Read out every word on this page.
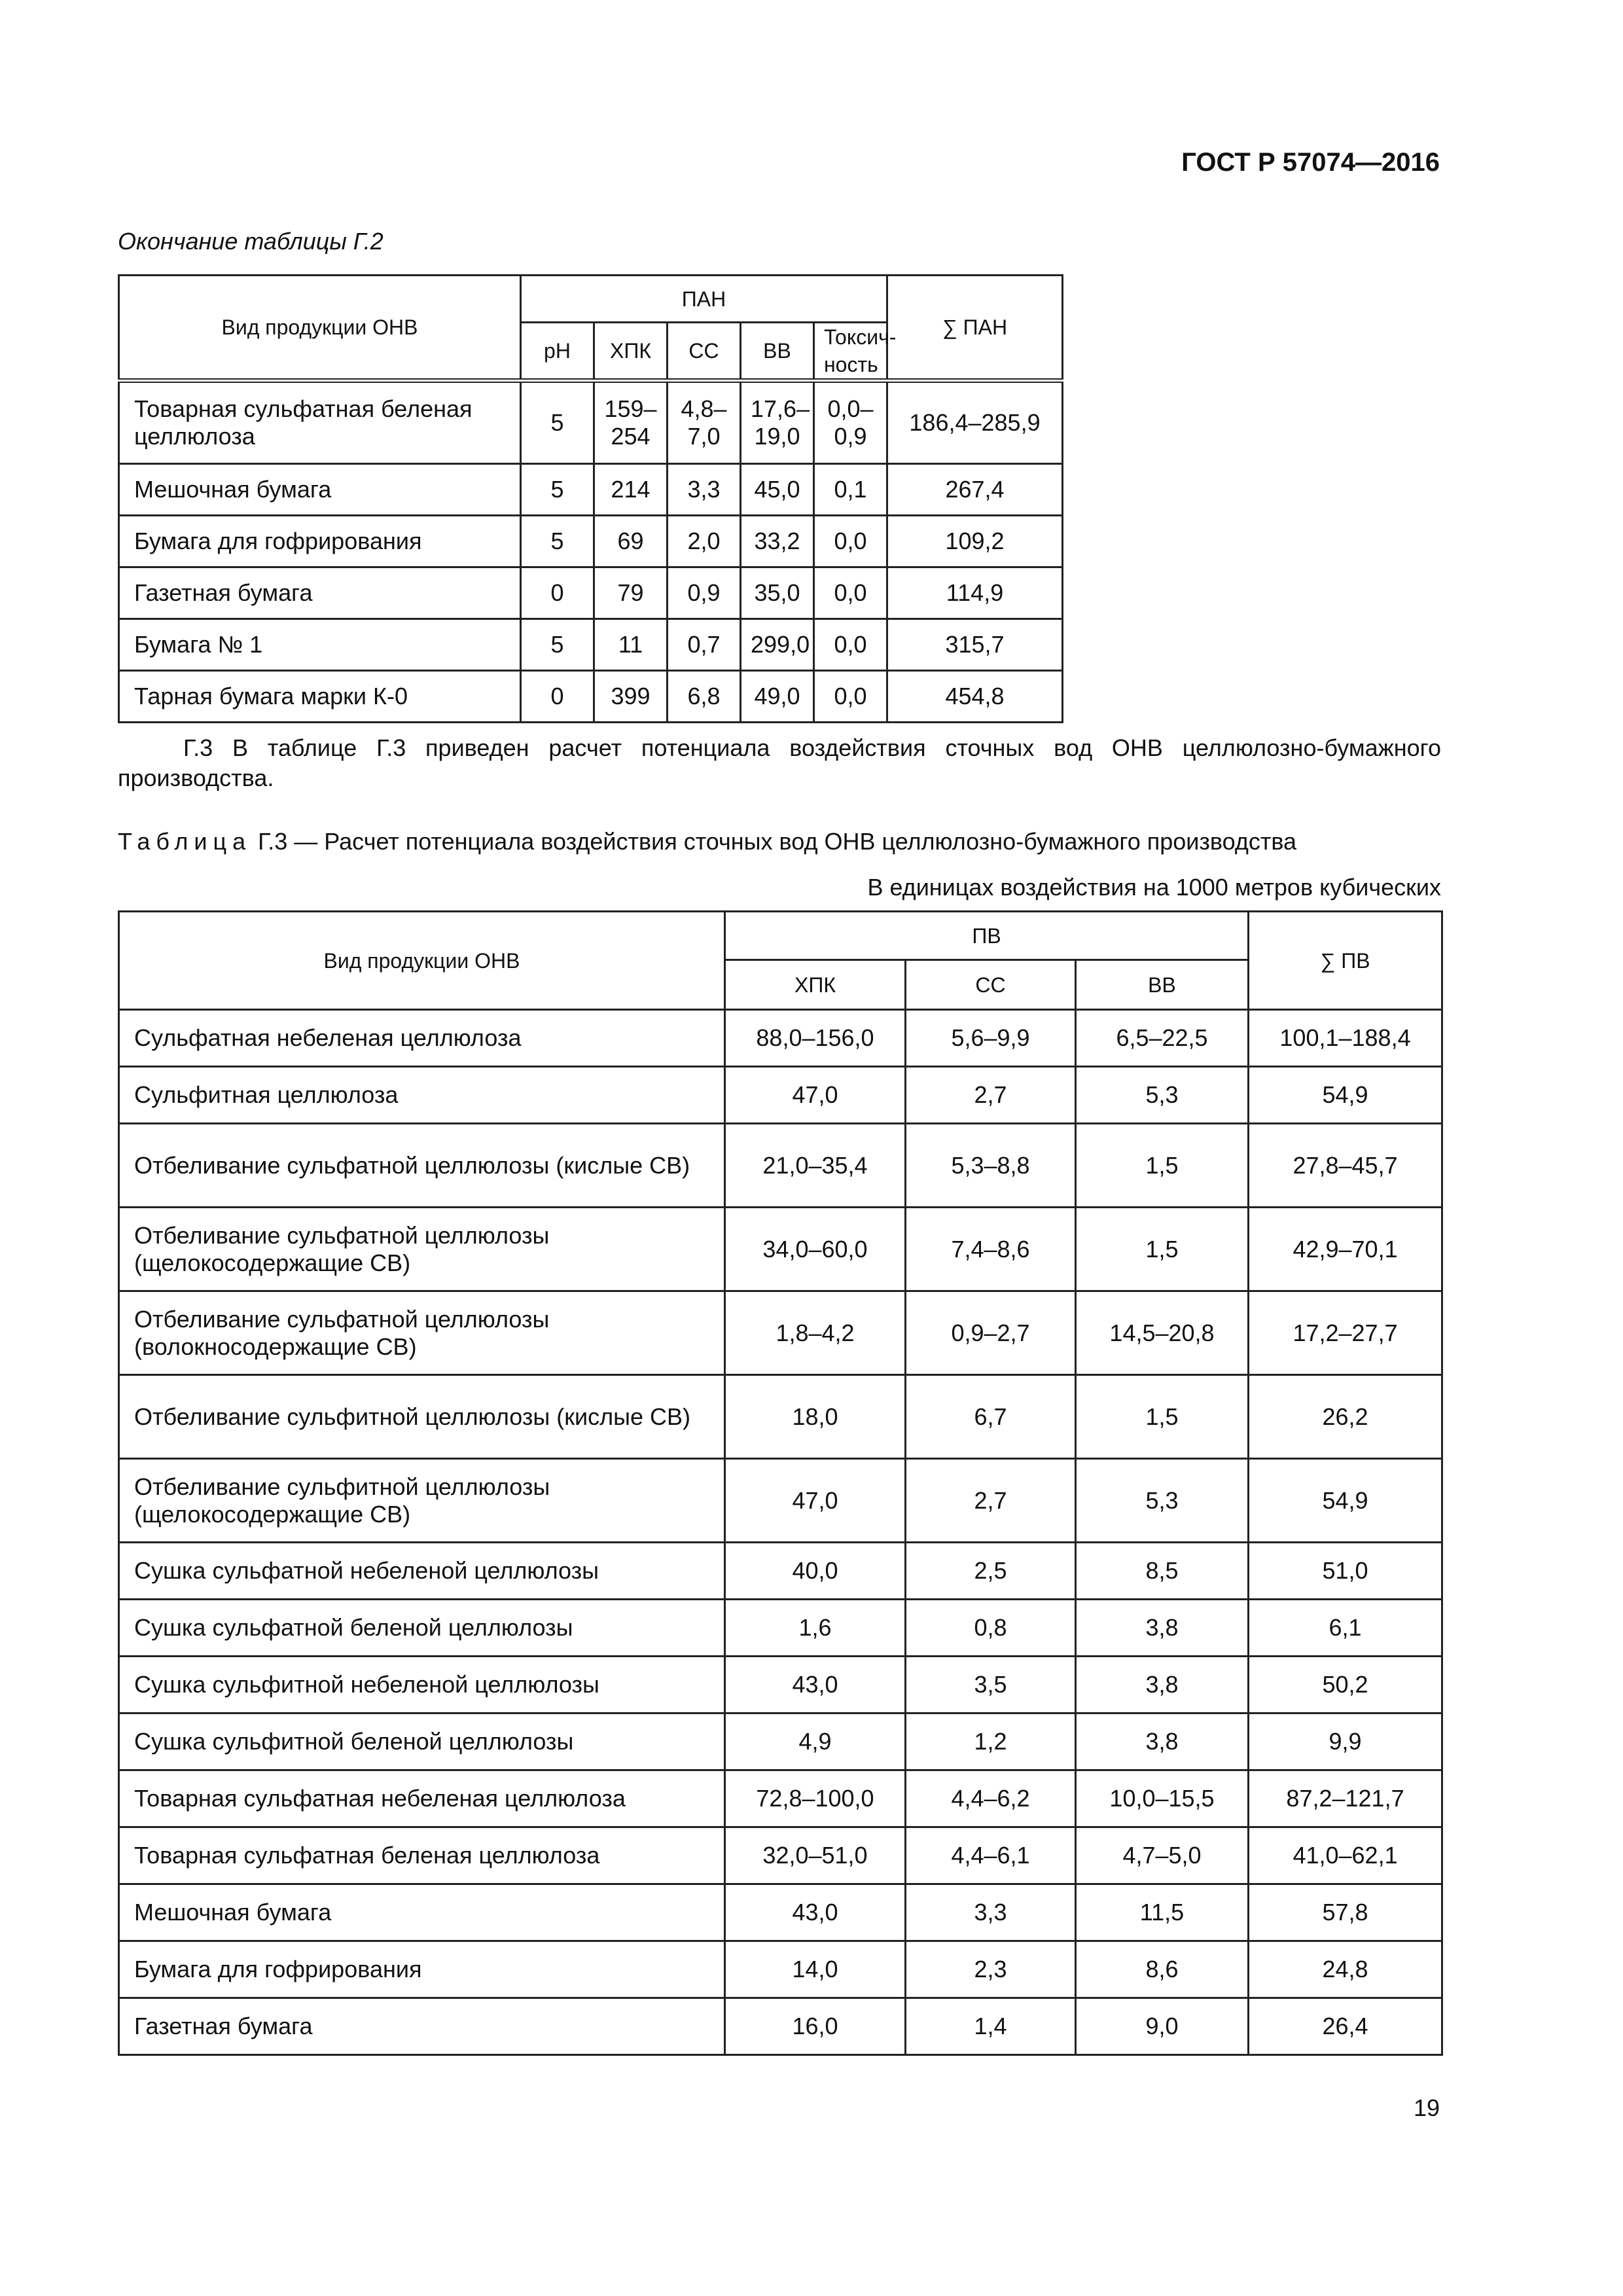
ГОСТ Р 57074—2016
Окончание таблицы Г.2
Вид продукции ОНВ	ПАН					∑ ПАН
	pH	ХПК	СС	ВВ	Токсич-ность	
Товарная сульфатная беленая целлюлоза	5	159–254	4,8–7,0	17,6–19,0	0,0–0,9	186,4–285,9
Мешочная бумага	5	214	3,3	45,0	0,1	267,4
Бумага для гофрирования	5	69	2,0	33,2	0,0	109,2
Газетная бумага	0	79	0,9	35,0	0,0	114,9
Бумага № 1	5	11	0,7	299,0	0,0	315,7
Тарная бумага марки К-0	0	399	6,8	49,0	0,0	454,8
Г.3 В таблице Г.3 приведен расчет потенциала воздействия сточных вод ОНВ целлюлозно-бумажного производства.
Таблица Г.3 — Расчет потенциала воздействия сточных вод ОНВ целлюлозно-бумажного производства
В единицах воздействия на 1000 метров кубических
Вид продукции ОНВ	ПВ			∑ ПВ
	ХПК	СС	ВВ	
Сульфатная небеленая целлюлоза	88,0–156,0	5,6–9,9	6,5–22,5	100,1–188,4
Сульфитная целлюлоза	47,0	2,7	5,3	54,9
Отбеливание сульфатной целлюлозы (кислые СВ)	21,0–35,4	5,3–8,8	1,5	27,8–45,7
Отбеливание сульфатной целлюлозы (щелокосодержащие СВ)	34,0–60,0	7,4–8,6	1,5	42,9–70,1
Отбеливание сульфатной целлюлозы (волокносодержащие СВ)	1,8–4,2	0,9–2,7	14,5–20,8	17,2–27,7
Отбеливание сульфитной целлюлозы (кислые СВ)	18,0	6,7	1,5	26,2
Отбеливание сульфитной целлюлозы (щелокосодержащие СВ)	47,0	2,7	5,3	54,9
Сушка сульфатной небеленой целлюлозы	40,0	2,5	8,5	51,0
Сушка сульфатной беленой целлюлозы	1,6	0,8	3,8	6,1
Сушка сульфитной небеленой целлюлозы	43,0	3,5	3,8	50,2
Сушка сульфитной беленой целлюлозы	4,9	1,2	3,8	9,9
Товарная сульфатная небеленая целлюлоза	72,8–100,0	4,4–6,2	10,0–15,5	87,2–121,7
Товарная сульфатная беленая целлюлоза	32,0–51,0	4,4–6,1	4,7–5,0	41,0–62,1
Мешочная бумага	43,0	3,3	11,5	57,8
Бумага для гофрирования	14,0	2,3	8,6	24,8
Газетная бумага	16,0	1,4	9,0	26,4
19
